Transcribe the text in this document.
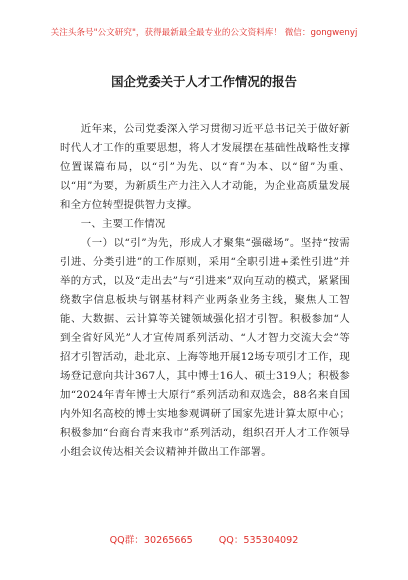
关注头条号"公文研究"，获得最新最全最专业的公文资料库！ 微信：gongwenyj
国企党委关于人才工作情况的报告

近年来，公司党委深入学习贯彻习近平总书记关于做好新时代人才工作的重要思想，将人才发展摆在基础性战略性支撑位置谋篇布局，以“引”为先、以“育”为本、以“留”为重、以“用”为要，为新质生产力注入人才动能，为企业高质量发展和全方位转型提供智力支撑。

一、主要工作情况

（一）以“引”为先，形成人才聚集“强磁场”。坚持“按需引进、分类引进”的工作原则，采用“全职引进+柔性引进”并举的方式，以及“走出去”与“引进来”双向互动的模式，紧紧围绕数字信息板块与钢基材料产业两条业务主线，聚焦人工智能、大数据、云计算等关键领域强化招才引智。积极参加“人到全省好风光”人才宣传周系列活动、“人才智力交流大会”等招才引智活动，赴北京、上海等地开展12场专项引才工作，现场登记意向共计367人，其中博士16人、硕士319人；积极参加“2024年青年博士大原行”系列活动和双选会，88名来自国内外知名高校的博士实地参观调研了国家先进计算太原中心；积极参加“台商台青来我市”系列活动，组织召开人才工作领导小组会议传达相关会议精神并做出工作部署。

QQ群：30265665	QQ：535304092
